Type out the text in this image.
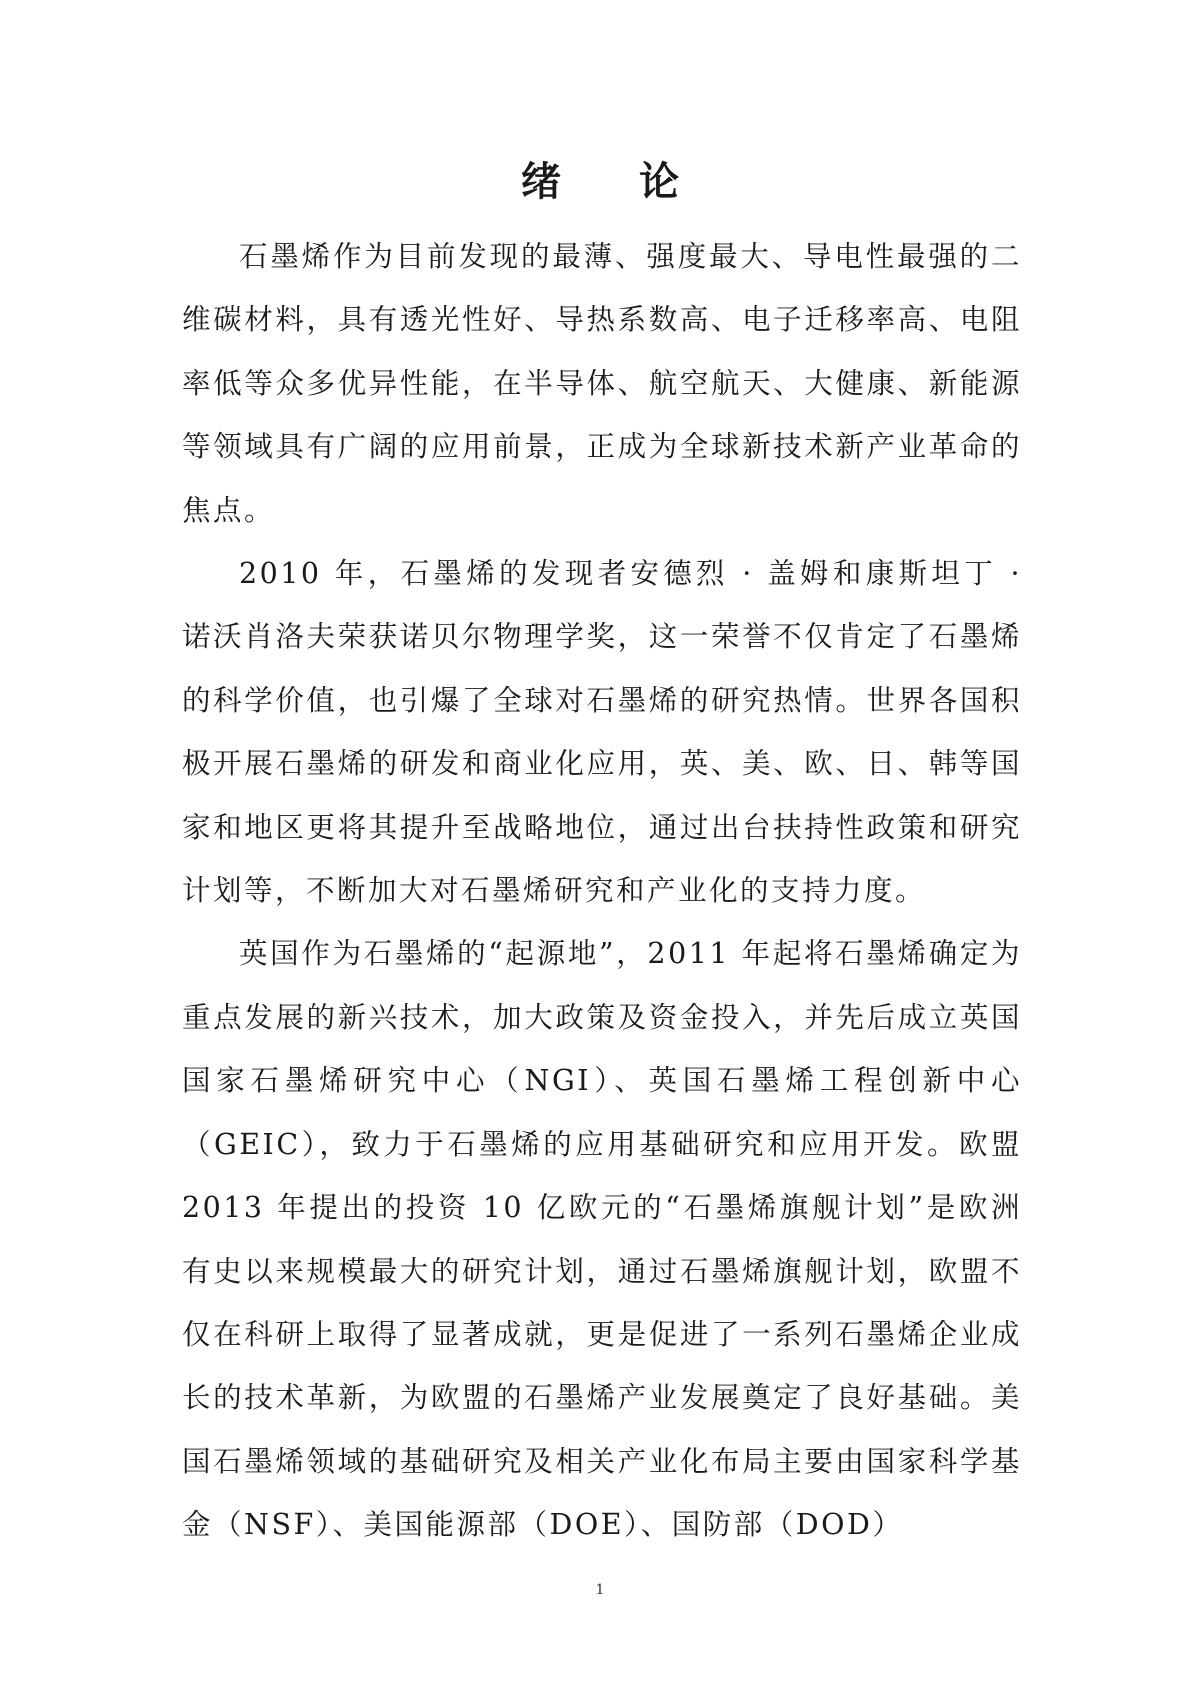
绪 论

石墨烯作为目前发现的最薄、强度最大、导电性最强的二维碳材料，具有透光性好、导热系数高、电子迁移率高、电阻率低等众多优异性能，在半导体、航空航天、大健康、新能源等领域具有广阔的应用前景，正成为全球新技术新产业革命的焦点。

2010 年，石墨烯的发现者安德烈 · 盖姆和康斯坦丁 · 诺沃肖洛夫荣获诺贝尔物理学奖，这一荣誉不仅肯定了石墨烯的科学价值，也引爆了全球对石墨烯的研究热情。世界各国积极开展石墨烯的研发和商业化应用，英、美、欧、日、韩等国家和地区更将其提升至战略地位，通过出台扶持性政策和研究计划等，不断加大对石墨烯研究和产业化的支持力度。

英国作为石墨烯的“起源地”，2011 年起将石墨烯确定为重点发展的新兴技术，加大政策及资金投入，并先后成立英国国家石墨烯研究中心（NGI）、英国石墨烯工程创新中心（GEIC），致力于石墨烯的应用基础研究和应用开发。欧盟 2013 年提出的投资 10 亿欧元的“石墨烯旗舰计划”是欧洲有史以来规模最大的研究计划，通过石墨烯旗舰计划，欧盟不仅在科研上取得了显著成就，更是促进了一系列石墨烯企业成长的技术革新，为欧盟的石墨烯产业发展奠定了良好基础。美国石墨烯领域的基础研究及相关产业化布局主要由国家科学基金（NSF）、美国能源部（DOE）、国防部（DOD）

1
